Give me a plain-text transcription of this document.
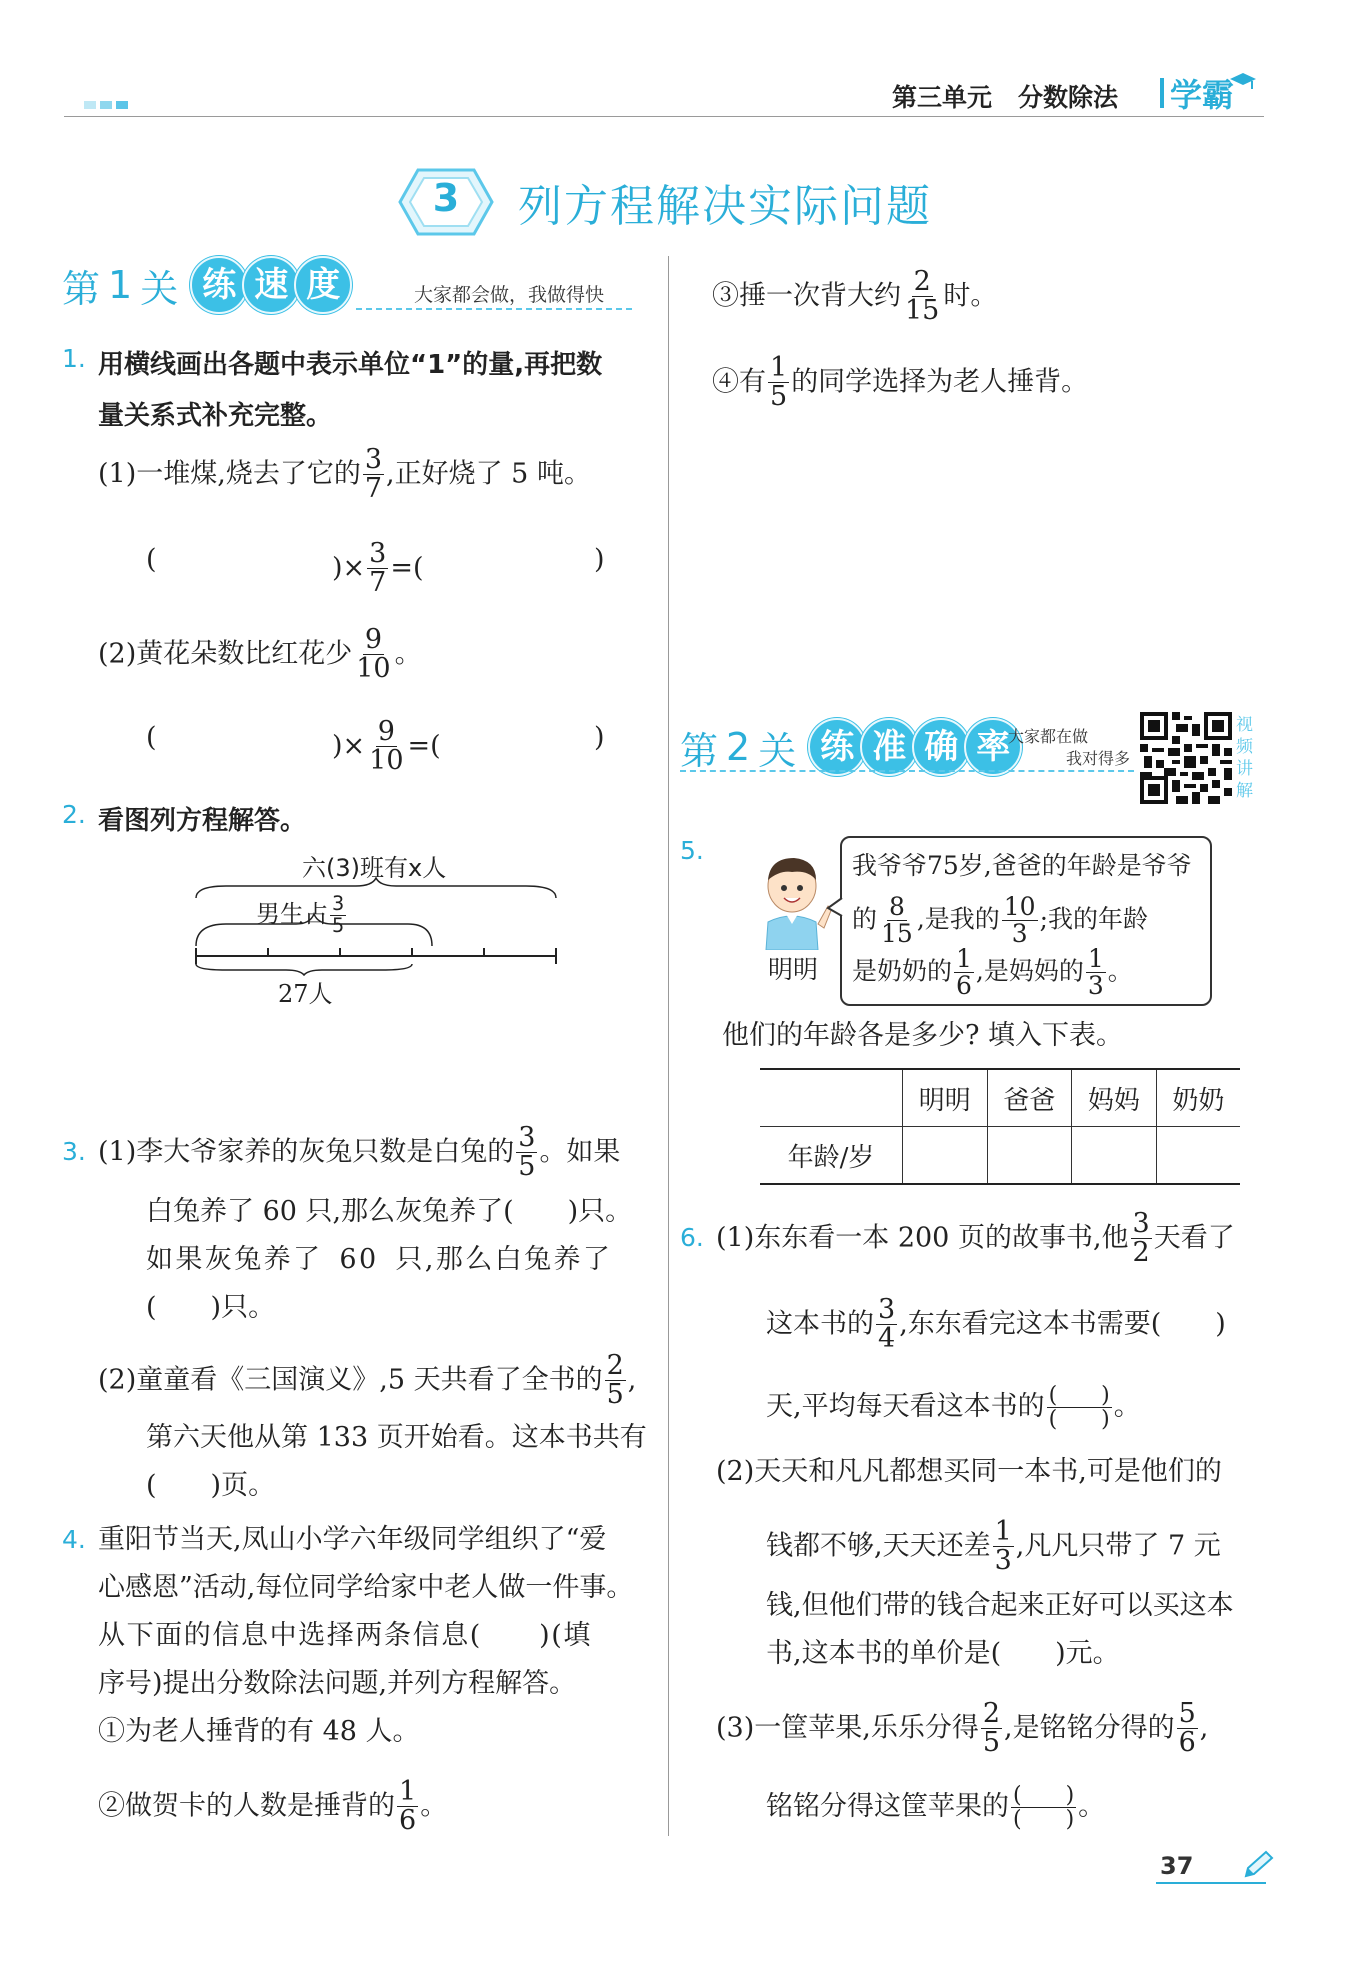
第三单元 分数除法 学霸
3	列方程解决实际问题
第 1 关 练 速 度	大家都会做，我做得快
1. 用横线画出各题中表示单位“1”的量,再把数
量关系式补充完整。
(1)一堆煤,烧去了它的 $\frac{3}{7}$ ,正好烧了 5 吨。
(	)× $\frac{3}{7}$ =(	)
(2)黄花朵数比红花少 $\frac{9}{10}$ 。
(	)× $\frac{9}{10}$ =(	)
2. 看图列方程解答。
六(3)班有x人
男生占 $\frac{3}{5}$
27人
3. (1)李大爷家养的灰兔只数是白兔的 $\frac{3}{5}$ 。如果
白兔养了 60 只,那么灰兔养了(　　)只。
如果灰兔养了 60 只,那么白兔养了
(　　)只。
(2)童童看《三国演义》,5 天共看了全书的 $\frac{2}{5}$ ,
第六天他从第 133 页开始看。这本书共有
(　　)页。
4. 重阳节当天,凤山小学六年级同学组织了“爱
心感恩”活动,每位同学给家中老人做一件事。
从下面的信息中选择两条信息(　　)(填
序号)提出分数除法问题,并列方程解答。
①为老人捶背的有 48 人。
②做贺卡的人数是捶背的 $\frac{1}{6}$ 。
③捶一次背大约 $\frac{2}{15}$ 时。
④有 $\frac{1}{5}$ 的同学选择为老人捶背。
第 2 关 练 准 确 率
大家都在做
我对得多
视
频
讲
解
5.
明明
我爷爷75岁,爸爸的年龄是爷爷
的 $\frac{8}{15}$ ,是我的 $\frac{10}{3}$ ;我的年龄
是奶奶的 $\frac{1}{6}$ ,是妈妈的 $\frac{1}{3}$ 。
他们的年龄各是多少? 填入下表。
	明明	爸爸	妈妈	奶奶
年龄/岁				
6. (1)东东看一本 200 页的故事书,他 $\frac{3}{2}$ 天看了
这本书的 $\frac{3}{4}$ ,东东看完这本书需要(　　)
天,平均每天看这本书的 $\frac{( )}{( )}$ 。
(2)天天和凡凡都想买同一本书,可是他们的
钱都不够,天天还差 $\frac{1}{3}$ ,凡凡只带了 7 元
钱,但他们带的钱合起来正好可以买这本
书,这本书的单价是(　　)元。
(3)一筐苹果,乐乐分得 $\frac{2}{5}$ ,是铭铭分得的 $\frac{5}{6}$ ,
铭铭分得这筐苹果的 $\frac{( )}{( )}$ 。
37
